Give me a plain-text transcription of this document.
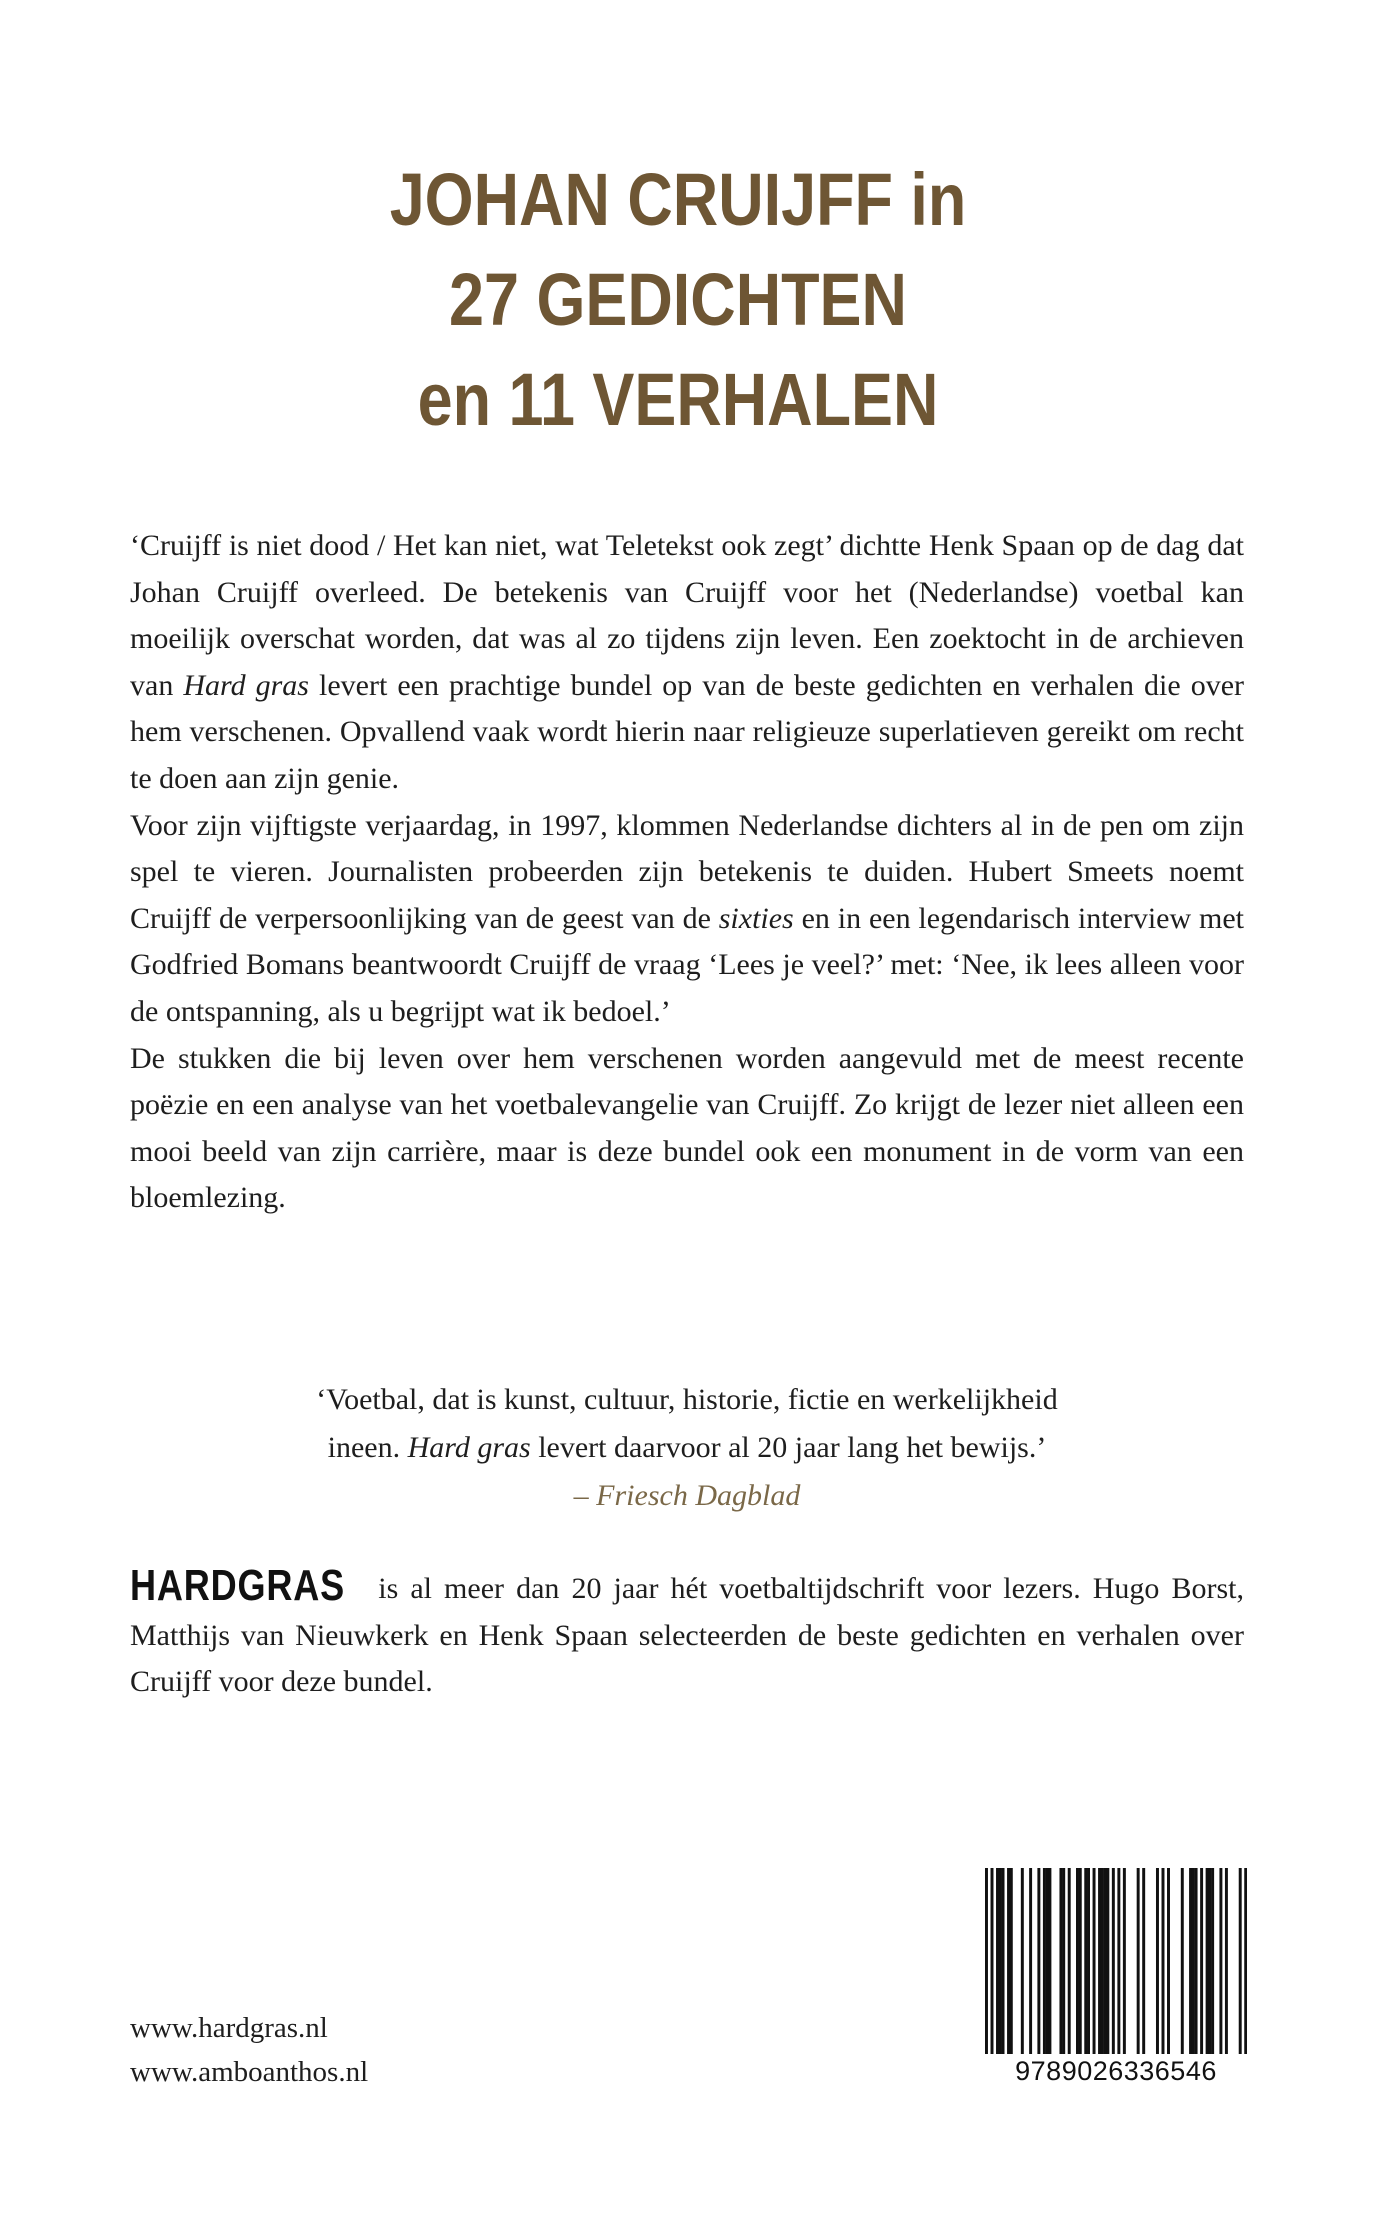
JOHAN CRUIJFF in
27 GEDICHTEN
en 11 VERHALEN

‘Cruijff is niet dood / Het kan niet, wat Teletekst ook zegt’ dichtte Henk Spaan op de dag dat Johan Cruijff overleed. De betekenis van Cruijff voor het (Nederlandse) voetbal kan moeilijk overschat worden, dat was al zo tijdens zijn leven. Een zoektocht in de archieven van Hard gras levert een prachtige bundel op van de beste gedichten en verhalen die over hem verschenen. Opvallend vaak wordt hierin naar religieuze superlatieven gereikt om recht te doen aan zijn genie.

Voor zijn vijftigste verjaardag, in 1997, klommen Nederlandse dichters al in de pen om zijn spel te vieren. Journalisten probeerden zijn betekenis te duiden. Hubert Smeets noemt Cruijff de verpersoonlijking van de geest van de sixties en in een legendarisch interview met Godfried Bomans beantwoordt Cruijff de vraag ‘Lees je veel?’ met: ‘Nee, ik lees alleen voor de ontspanning, als u begrijpt wat ik bedoel.’

De stukken die bij leven over hem verschenen worden aangevuld met de meest recente poëzie en een analyse van het voetbalevangelie van Cruijff. Zo krijgt de lezer niet alleen een mooi beeld van zijn carrière, maar is deze bundel ook een monument in de vorm van een bloemlezing.

‘Voetbal, dat is kunst, cultuur, historie, fictie en werkelijkheid
ineen. Hard gras levert daarvoor al 20 jaar lang het bewijs.’
– Friesch Dagblad
HARDGRAS is al meer dan 20 jaar hét voetbaltijdschrift voor lezers. Hugo Borst, Matthijs van Nieuwkerk en Henk Spaan selecteerden de beste gedichten en verhalen over Cruijff voor deze bundel.
www.hardgras.nl
www.amboanthos.nl	9789026336546
